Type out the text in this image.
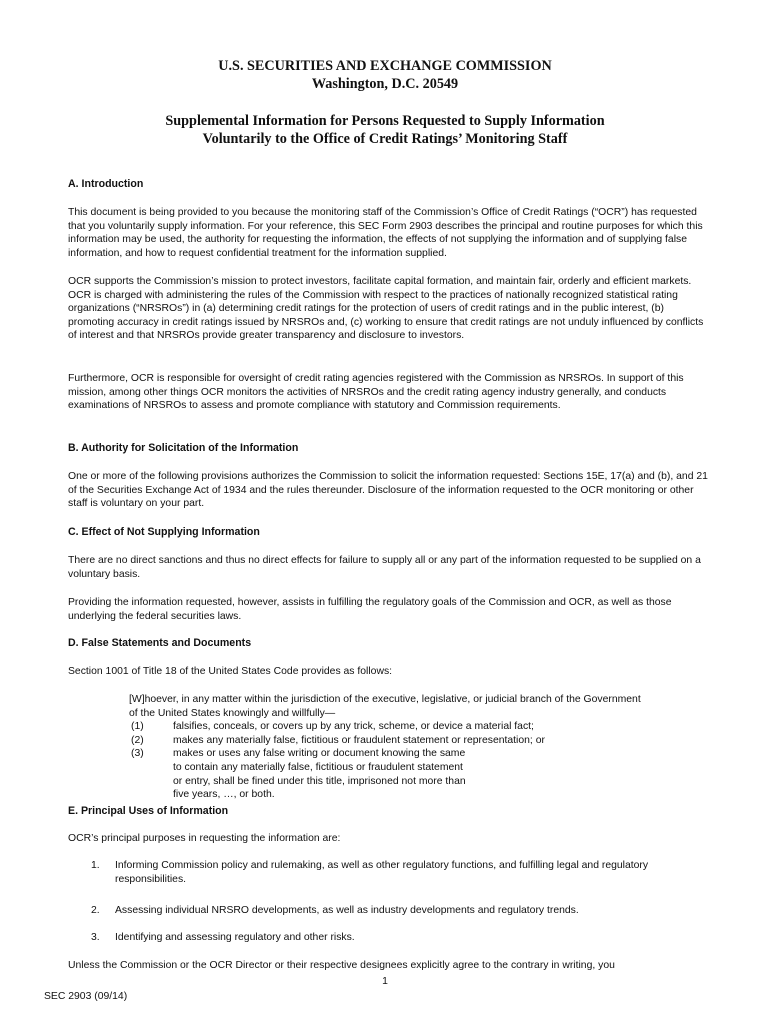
U.S. SECURITIES AND EXCHANGE COMMISSION
Washington, D.C. 20549
Supplemental Information for Persons Requested to Supply Information
Voluntarily to the Office of Credit Ratings’ Monitoring Staff
A. Introduction

This document is being provided to you because the monitoring staff of the Commission’s Office of Credit Ratings (“OCR”) has requested that you voluntarily supply information. For your reference, this SEC Form 2903 describes the principal and routine purposes for which this information may be used, the authority for requesting the information, the effects of not supplying the information and of supplying false information, and how to request confidential treatment for the information supplied.

OCR supports the Commission’s mission to protect investors, facilitate capital formation, and maintain fair, orderly and efficient markets. OCR is charged with administering the rules of the Commission with respect to the practices of nationally recognized statistical rating organizations (“NRSROs”) in (a) determining credit ratings for the protection of users of credit ratings and in the public interest, (b) promoting accuracy in credit ratings issued by NRSROs and, (c) working to ensure that credit ratings are not unduly influenced by conflicts of interest and that NRSROs provide greater transparency and disclosure to investors.

Furthermore, OCR is responsible for oversight of credit rating agencies registered with the Commission as NRSROs. In support of this mission, among other things OCR monitors the activities of NRSROs and the credit rating agency industry generally, and conducts examinations of NRSROs to assess and promote compliance with statutory and Commission requirements.

B. Authority for Solicitation of the Information

One or more of the following provisions authorizes the Commission to solicit the information requested: Sections 15E, 17(a) and (b), and 21 of the Securities Exchange Act of 1934 and the rules thereunder. Disclosure of the information requested to the OCR monitoring or other staff is voluntary on your part.

C. Effect of Not Supplying Information

There are no direct sanctions and thus no direct effects for failure to supply all or any part of the information requested to be supplied on a voluntary basis.

Providing the information requested, however, assists in fulfilling the regulatory goals of the Commission and OCR, as well as those underlying the federal securities laws.

D. False Statements and Documents

Section 1001 of Title 18 of the United States Code provides as follows:

[W]hoever, in any matter within the jurisdiction of the executive, legislative, or judicial branch of the Government of the United States knowingly and willfully—

(1)	falsifies, conceals, or covers up by any trick, scheme, or device a material fact;
(2)	makes any materially false, fictitious or fraudulent statement or representation; or
(3)	makes or uses any false writing or document knowing the same to contain any materially false, fictitious or fraudulent statement or entry, shall be fined under this title, imprisoned not more than five years, …, or both.
E. Principal Uses of Information

OCR’s principal purposes in requesting the information are:

1.	Informing Commission policy and rulemaking, as well as other regulatory functions, and fulfilling legal and regulatory responsibilities.
2.	Assessing individual NRSRO developments, as well as industry developments and regulatory trends.
3.	Identifying and assessing regulatory and other risks.

Unless the Commission or the OCR Director or their respective designees explicitly agree to the contrary in writing, you

1
SEC 2903 (09/14)
